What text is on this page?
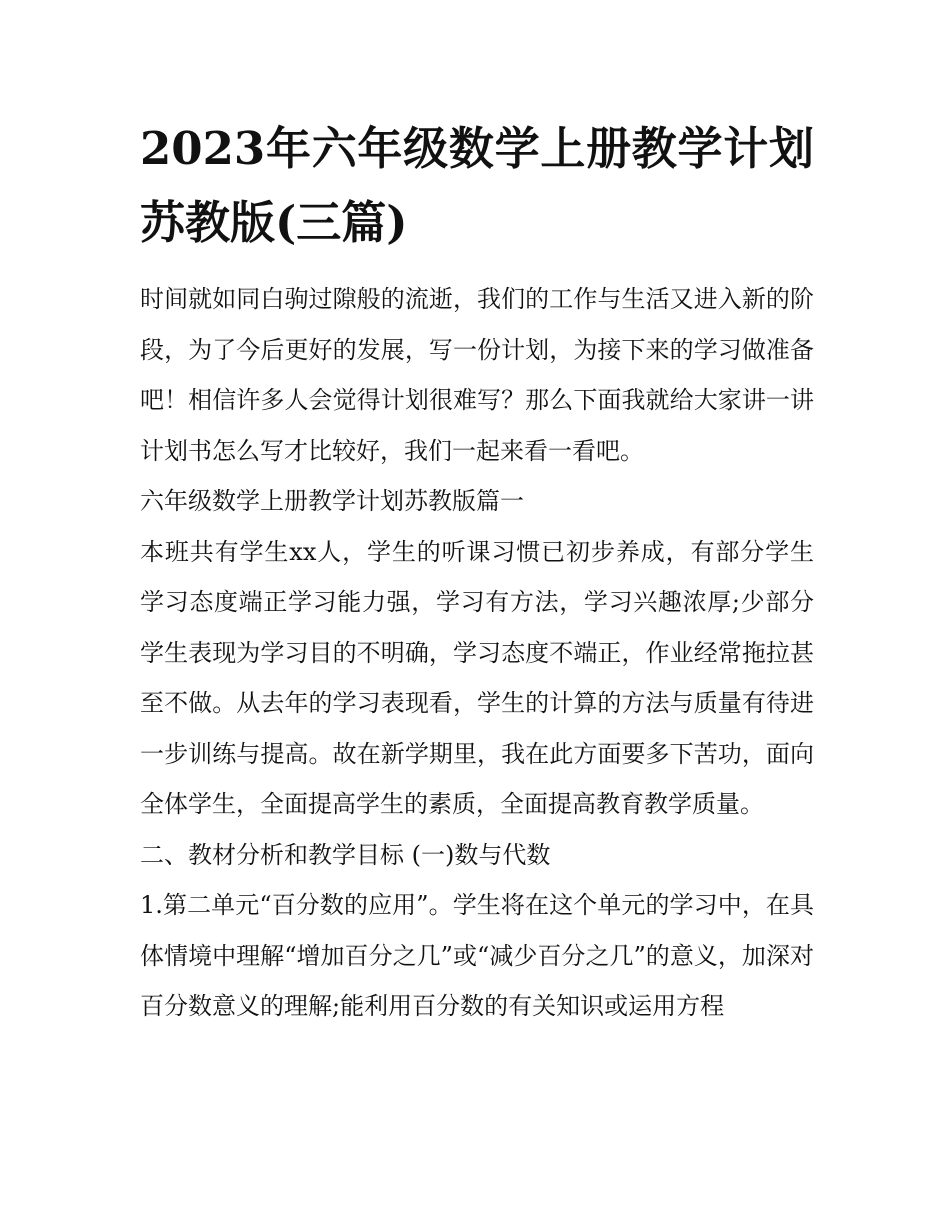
2023年六年级数学上册教学计划苏教版(三篇)

时间就如同白驹过隙般的流逝，我们的工作与生活又进入新的阶段，为了今后更好的发展，写一份计划，为接下来的学习做准备吧！相信许多人会觉得计划很难写？那么下面我就给大家讲一讲计划书怎么写才比较好，我们一起来看一看吧。

六年级数学上册教学计划苏教版篇一

本班共有学生xx人，学生的听课习惯已初步养成，有部分学生学习态度端正学习能力强，学习有方法，学习兴趣浓厚;少部分学生表现为学习目的不明确，学习态度不端正，作业经常拖拉甚至不做。从去年的学习表现看，学生的计算的方法与质量有待进一步训练与提高。故在新学期里，我在此方面要多下苦功，面向全体学生，全面提高学生的素质，全面提高教育教学质量。

二、教材分析和教学目标 (一)数与代数

1.第二单元“百分数的应用”。学生将在这个单元的学习中，在具体情境中理解“增加百分之几”或“减少百分之几”的意义，加深对百分数意义的理解;能利用百分数的有关知识或运用方程
